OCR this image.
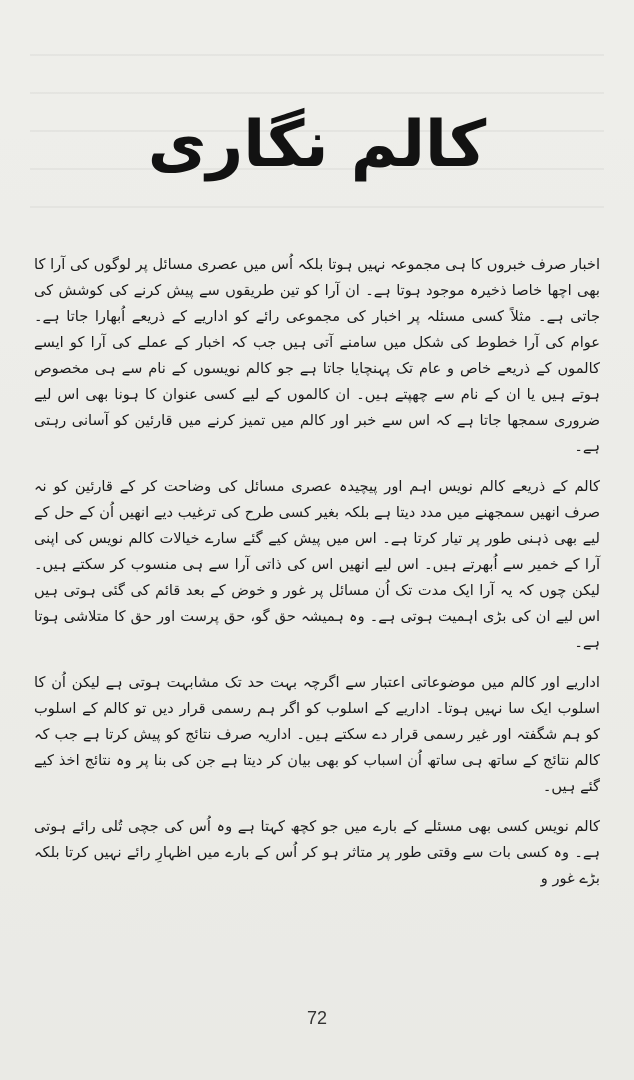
کالم نگاری

اخبار صرف خبروں کا ہی مجموعہ نہیں ہوتا بلکہ اُس میں عصری مسائل پر لوگوں کی آرا کا بھی اچھا خاصا ذخیرہ موجود ہوتا ہے۔ ان آرا کو تین طریقوں سے پیش کرنے کی کوشش کی جاتی ہے۔ مثلاً کسی مسئلہ پر اخبار کی مجموعی رائے کو اداریے کے ذریعے اُبھارا جاتا ہے۔ عوام کی آرا خطوط کی شکل میں سامنے آتی ہیں جب کہ اخبار کے عملے کی آرا کو ایسے کالموں کے ذریعے خاص و عام تک پہنچایا جاتا ہے جو کالم نویسوں کے نام سے ہی مخصوص ہوتے ہیں یا ان کے نام سے چھپتے ہیں۔ ان کالموں کے لیے کسی عنوان کا ہونا بھی اس لیے ضروری سمجھا جاتا ہے کہ اس سے خبر اور کالم میں تمیز کرنے میں قارئین کو آسانی رہتی ہے۔

کالم کے ذریعے کالم نویس اہم اور پیچیدہ عصری مسائل کی وضاحت کر کے قارئین کو نہ صرف انھیں سمجھنے میں مدد دیتا ہے بلکہ بغیر کسی طرح کی ترغیب دیے انھیں اُن کے حل کے لیے بھی ذہنی طور پر تیار کرتا ہے۔ اس میں پیش کیے گئے سارے خیالات کالم نویس کی اپنی آرا کے خمیر سے اُبھرتے ہیں۔ اس لیے انھیں اس کی ذاتی آرا سے ہی منسوب کر سکتے ہیں۔ لیکن چوں کہ یہ آرا ایک مدت تک اُن مسائل پر غور و خوض کے بعد قائم کی گئی ہوتی ہیں اس لیے ان کی بڑی اہمیت ہوتی ہے۔ وہ ہمیشہ حق گو، حق پرست اور حق کا متلاشی ہوتا ہے۔

اداریے اور کالم میں موضوعاتی اعتبار سے اگرچہ بہت حد تک مشابہت ہوتی ہے لیکن اُن کا اسلوب ایک سا نہیں ہوتا۔ اداریے کے اسلوب کو اگر ہم رسمی قرار دیں تو کالم کے اسلوب کو ہم شگفتہ اور غیر رسمی قرار دے سکتے ہیں۔ اداریہ صرف نتائج کو پیش کرتا ہے جب کہ کالم نتائج کے ساتھ ہی ساتھ اُن اسباب کو بھی بیان کر دیتا ہے جن کی بنا پر وہ نتائج اخذ کیے گئے ہیں۔

کالم نویس کسی بھی مسئلے کے بارے میں جو کچھ کہتا ہے وہ اُس کی جچی تُلی رائے ہوتی ہے۔ وہ کسی بات سے وقتی طور پر متاثر ہو کر اُس کے بارے میں اظہارِ رائے نہیں کرتا بلکہ بڑے غور و

72
